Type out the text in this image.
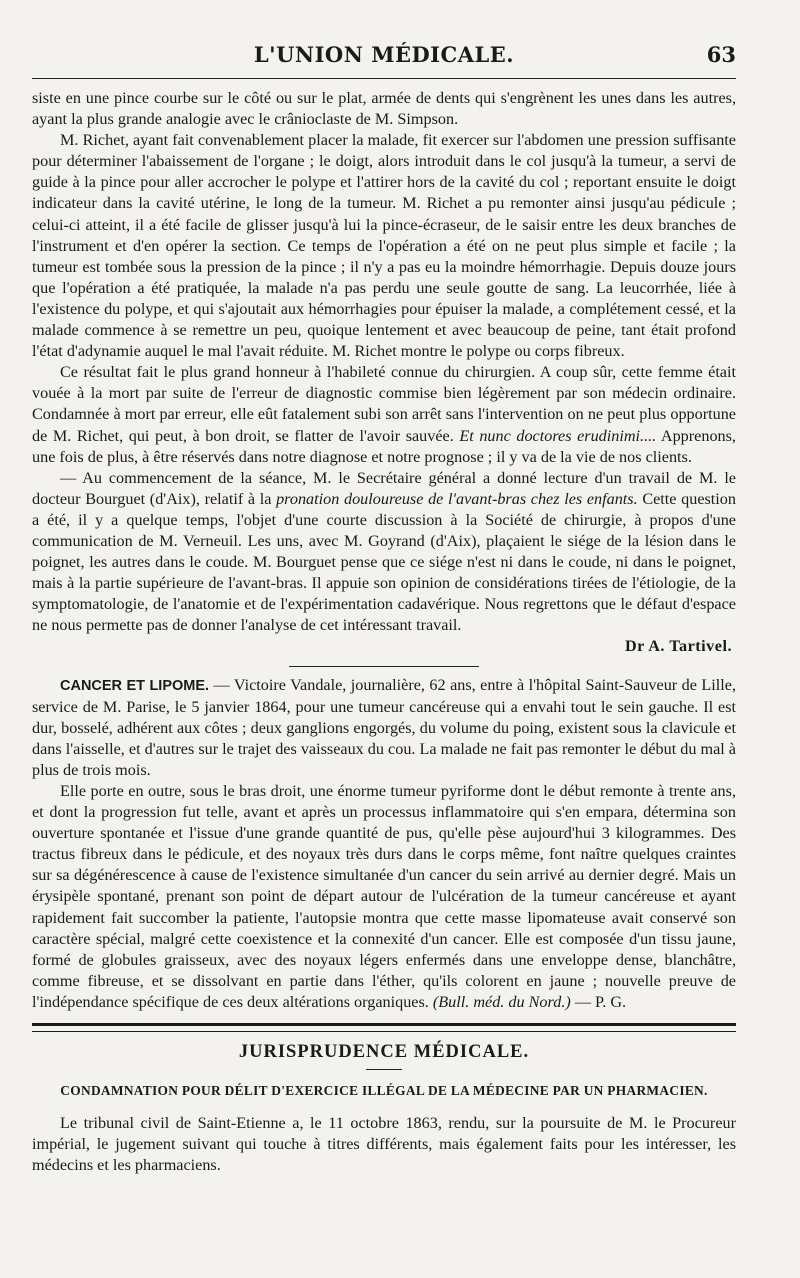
L'UNION MÉDICALE.	63

siste en une pince courbe sur le côté ou sur le plat, armée de dents qui s'engrènent les unes dans les autres, ayant la plus grande analogie avec le crânioclaste de M. Simpson.

M. Richet, ayant fait convenablement placer la malade, fit exercer sur l'abdomen une pression suffisante pour déterminer l'abaissement de l'organe ; le doigt, alors introduit dans le col jusqu'à la tumeur, a servi de guide à la pince pour aller accrocher le polype et l'attirer hors de la cavité du col ; reportant ensuite le doigt indicateur dans la cavité utérine, le long de la tumeur. M. Richet a pu remonter ainsi jusqu'au pédicule ; celui-ci atteint, il a été facile de glisser jusqu'à lui la pince-écraseur, de le saisir entre les deux branches de l'instrument et d'en opérer la section. Ce temps de l'opération a été on ne peut plus simple et facile ; la tumeur est tombée sous la pression de la pince ; il n'y a pas eu la moindre hémorrhagie. Depuis douze jours que l'opération a été pratiquée, la malade n'a pas perdu une seule goutte de sang. La leucorrhée, liée à l'existence du polype, et qui s'ajoutait aux hémorrhagies pour épuiser la malade, a complétement cessé, et la malade commence à se remettre un peu, quoique lentement et avec beaucoup de peine, tant était profond l'état d'adynamie auquel le mal l'avait réduite. M. Richet montre le polype ou corps fibreux.

Ce résultat fait le plus grand honneur à l'habileté connue du chirurgien. A coup sûr, cette femme était vouée à la mort par suite de l'erreur de diagnostic commise bien légèrement par son médecin ordinaire. Condamnée à mort par erreur, elle eût fatalement subi son arrêt sans l'intervention on ne peut plus opportune de M. Richet, qui peut, à bon droit, se flatter de l'avoir sauvée. Et nunc doctores erudinimi.... Apprenons, une fois de plus, à être réservés dans notre diagnose et notre prognose ; il y va de la vie de nos clients.

— Au commencement de la séance, M. le Secrétaire général a donné lecture d'un travail de M. le docteur Bourguet (d'Aix), relatif à la pronation douloureuse de l'avant-bras chez les enfants. Cette question a été, il y a quelque temps, l'objet d'une courte discussion à la Société de chirurgie, à propos d'une communication de M. Verneuil. Les uns, avec M. Goyrand (d'Aix), plaçaient le siége de la lésion dans le poignet, les autres dans le coude. M. Bourguet pense que ce siége n'est ni dans le coude, ni dans le poignet, mais à la partie supérieure de l'avant-bras. Il appuie son opinion de considérations tirées de l'étiologie, de la symptomatologie, de l'anatomie et de l'expérimentation cadavérique. Nous regrettons que le défaut d'espace ne nous permette pas de donner l'analyse de cet intéressant travail.

Dr A. Tartivel.

CANCER ET LIPOME. — Victoire Vandale, journalière, 62 ans, entre à l'hôpital Saint-Sauveur de Lille, service de M. Parise, le 5 janvier 1864, pour une tumeur cancéreuse qui a envahi tout le sein gauche. Il est dur, bosselé, adhérent aux côtes ; deux ganglions engorgés, du volume du poing, existent sous la clavicule et dans l'aisselle, et d'autres sur le trajet des vaisseaux du cou. La malade ne fait pas remonter le début du mal à plus de trois mois.

Elle porte en outre, sous le bras droit, une énorme tumeur pyriforme dont le début remonte à trente ans, et dont la progression fut telle, avant et après un processus inflammatoire qui s'en empara, détermina son ouverture spontanée et l'issue d'une grande quantité de pus, qu'elle pèse aujourd'hui 3 kilogrammes. Des tractus fibreux dans le pédicule, et des noyaux très durs dans le corps même, font naître quelques craintes sur sa dégénérescence à cause de l'existence simultanée d'un cancer du sein arrivé au dernier degré. Mais un érysipèle spontané, prenant son point de départ autour de l'ulcération de la tumeur cancéreuse et ayant rapidement fait succomber la patiente, l'autopsie montra que cette masse lipomateuse avait conservé son caractère spécial, malgré cette coexistence et la connexité d'un cancer. Elle est composée d'un tissu jaune, formé de globules graisseux, avec des noyaux légers enfermés dans une enveloppe dense, blanchâtre, comme fibreuse, et se dissolvant en partie dans l'éther, qu'ils colorent en jaune ; nouvelle preuve de l'indépendance spécifique de ces deux altérations organiques. (Bull. méd. du Nord.) — P. G.

JURISPRUDENCE MÉDICALE.
CONDAMNATION POUR DÉLIT D'EXERCICE ILLÉGAL DE LA MÉDECINE PAR UN PHARMACIEN.

Le tribunal civil de Saint-Etienne a, le 11 octobre 1863, rendu, sur la poursuite de M. le Procureur impérial, le jugement suivant qui touche à titres différents, mais également faits pour les intéresser, les médecins et les pharmaciens.
